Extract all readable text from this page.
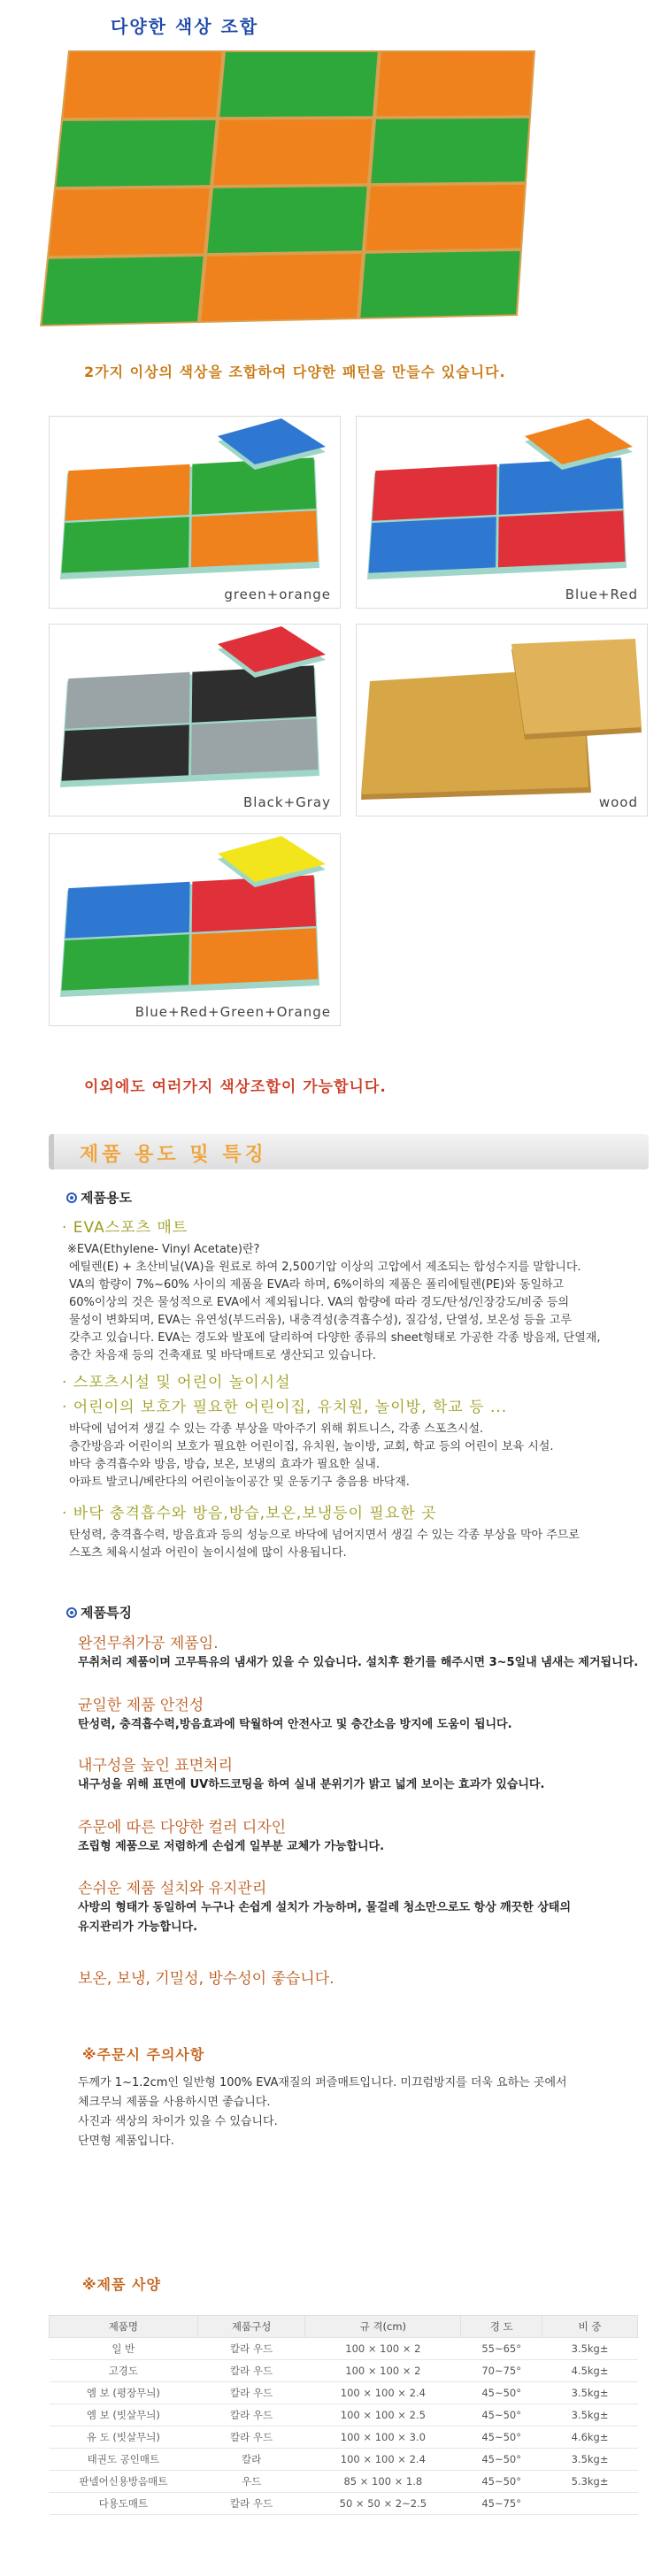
다양한 색상 조합
2가지 이상의 색상을 조합하여 다양한 패턴을 만들수 있습니다.
green+orange	Blue+Red
Black+Gray	wood
Blue+Red+Green+Orange
이외에도 여러가지 색상조합이 가능합니다.
제품 용도 및 특징
제품용도
· EVA스포츠 매트

※EVA(Ethylene- Vinyl Acetate)란?

에틸렌(E) + 초산비닐(VA)을 원료로 하여 2,500기압 이상의 고압에서 제조되는 합성수지를 말합니다.

VA의 함량이 7%~60% 사이의 제품을 EVA라 하며, 6%이하의 제품은 폴리에틸렌(PE)와 동일하고

60%이상의 것은 물성적으로 EVA에서 제외됩니다. VA의 함량에 따라 경도/탄성/인장강도/비중 등의

물성이 변화되며, EVA는 유연성(부드러움), 내충격성(충격흡수성), 질감성, 단열성, 보온성 등을 고루

갖추고 있습니다. EVA는 경도와 발포에 달리하여 다양한 종류의 sheet형태로 가공한 각종 방음재, 단열재,

층간 차음재 등의 건축재료 및 바닥매트로 생산되고 있습니다.

· 스포츠시설 및 어린이 놀이시설
· 어린이의 보호가 필요한 어린이집, 유치원, 놀이방, 학교 등 ...

바닥에 넘어져 생길 수 있는 각종 부상을 막아주기 위해 휘트니스, 각종 스포츠시설.

층간방음과 어린이의 보호가 필요한 어린이집, 유치원, 놀이방, 교회, 학교 등의 어린이 보육 시설.

바닥 충격흡수와 방음, 방습, 보온, 보냉의 효과가 필요한 실내.

아파트 발코니/베란다의 어린이놀이공간 및 운동기구 충음용 바닥재.

· 바닥 충격흡수와 방음,방습,보온,보냉등이 필요한 곳

탄성력, 충격흡수력, 방음효과 등의 성능으로 바닥에 넘어지면서 생길 수 있는 각종 부상을 막아 주므로

스포츠 체육시설과 어린이 놀이시설에 많이 사용됩니다.

제품특징
완전무취가공 제품임.
무취처리 제품이며 고무특유의 냄새가 있을 수 있습니다. 설치후 환기를 해주시면 3~5일내 냄새는 제거됩니다.
균일한 제품 안전성
탄성력, 충격흡수력,방음효과에 탁월하여 안전사고 및 층간소음 방지에 도움이 됩니다.
내구성을 높인 표면처리
내구성을 위해 표면에 UV하드코팅을 하여 실내 분위기가 밝고 넓게 보이는 효과가 있습니다.
주문에 따른 다양한 컬러 디자인
조립형 제품으로 저렴하게 손쉽게 일부분 교체가 가능합니다.
손쉬운 제품 설치와 유지관리
사방의 형태가 동일하여 누구나 손쉽게 설치가 가능하며, 물걸레 청소만으로도 항상 깨끗한 상태의
유지관리가 가능합니다.
보온, 보냉, 기밀성, 방수성이 좋습니다.
※주문시 주의사항

두께가 1~1.2cm인 일반형 100% EVA재질의 퍼즐매트입니다. 미끄럼방지를 더욱 요하는 곳에서

체크무늬 제품을 사용하시면 좋습니다.

사진과 색상의 차이가 있을 수 있습니다.

단면형 제품입니다.

※제품 사양
제품명	제품구성	규 격(cm)	경 도	비 중
일 반	칼라 우드	100 × 100 × 2	55~65°	3.5kg±
고경도	칼라 우드	100 × 100 × 2	70~75°	4.5kg±
엠 보 (평장무늬)	칼라 우드	100 × 100 × 2.4	45~50°	3.5kg±
엠 보 (빗살무늬)	칼라 우드	100 × 100 × 2.5	45~50°	3.5kg±
유 도 (빗살무늬)	칼라 우드	100 × 100 × 3.0	45~50°	4.6kg±
태권도 공인매트	칼라	100 × 100 × 2.4	45~50°	3.5kg±
판넬어신용방음매트	우드	85 × 100 × 1.8	45~50°	5.3kg±
다용도매트	칼라 우드	50 × 50 × 2~2.5	45~75°	
